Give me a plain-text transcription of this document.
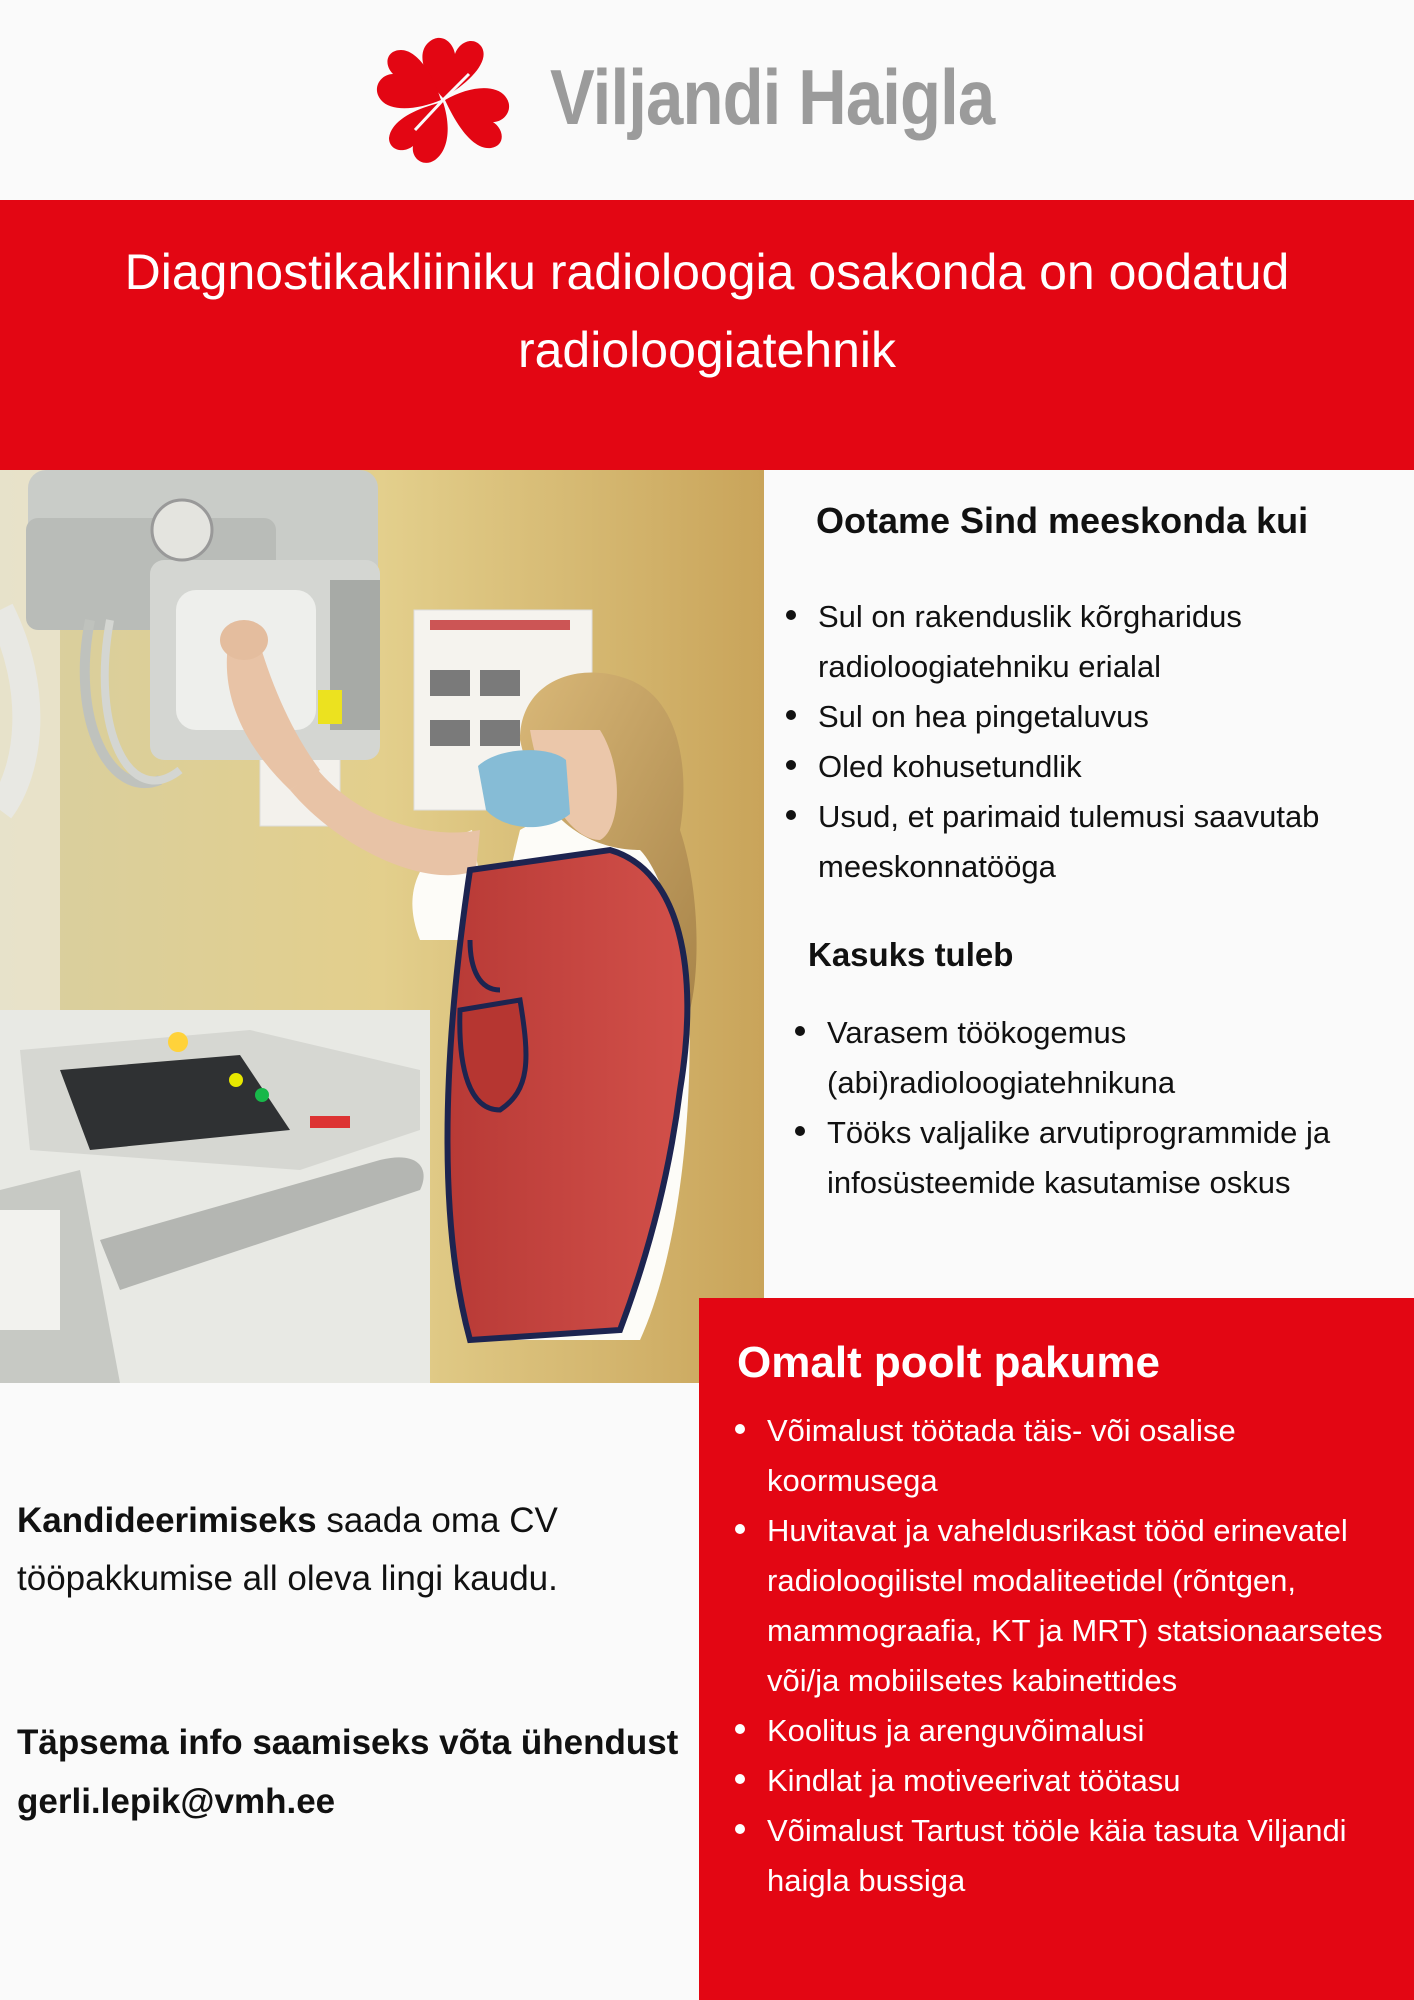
Viljandi Haigla
Diagnostikakliiniku radioloogia osakonda on oodatud radioloogiatehnik
Ootame Sind meeskonda kui
Sul on rakenduslik kõrgharidus radioloogiatehniku erialal
Sul on hea pingetaluvus
Oled kohusetundlik
Usud, et parimaid tulemusi saavutab meeskonnatööga
Kasuks tuleb
Varasem töökogemus (abi)radioloogiatehnikuna
Tööks valjalike arvutiprogrammide ja infosüsteemide kasutamise oskus
Omalt poolt pakume
Võimalust töötada täis- või osalise koormusega
Huvitavat ja vaheldusrikast tööd erinevatel radioloogilistel modaliteetidel (rõntgen, mammograafia, KT ja MRT) statsionaarsetes või/ja mobiilsetes kabinettides
Koolitus ja arenguvõimalusi
Kindlat ja motiveerivat töötasu
Võimalust Tartust tööle käia tasuta Viljandi haigla bussiga
Kandideerimiseks saada oma CV tööpakkumise all oleva lingi kaudu.
Täpsema info saamiseks võta ühendust
gerli.lepik@vmh.ee
